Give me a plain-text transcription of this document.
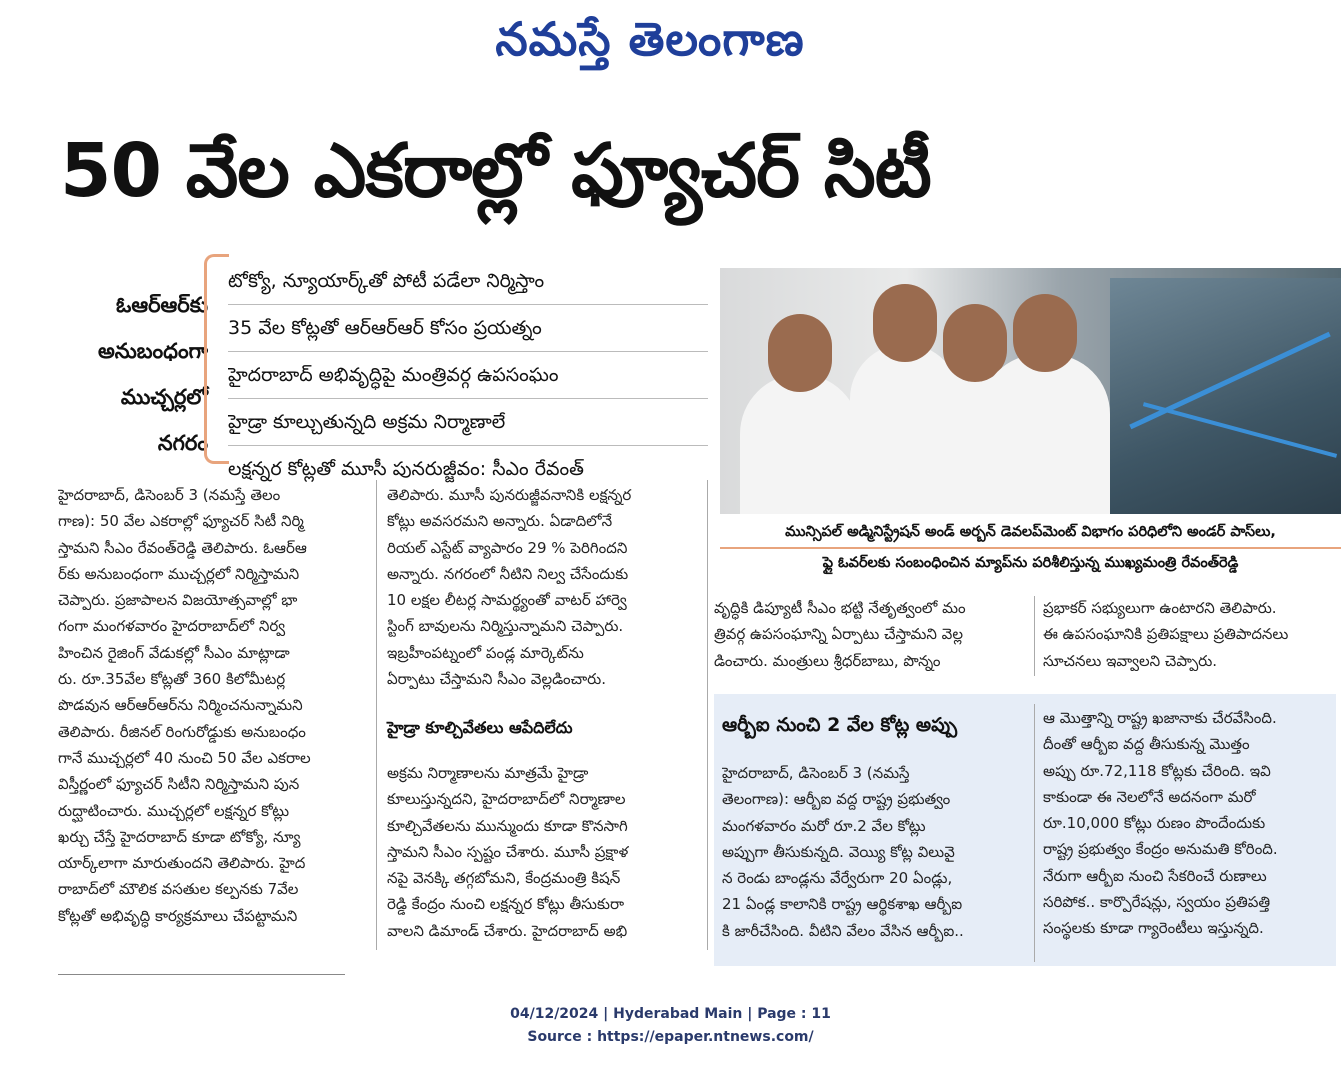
నమస్తే తెలంగాణ
50 వేల ఎకరాల్లో ఫ్యూచర్ సిటీ
ఓఆర్ఆర్‌కు
అనుబంధంగా
ముచ్చర్లలో
నగరం
టోక్యో, న్యూయార్క్‌తో పోటీ పడేలా నిర్మిస్తాం
35 వేల కోట్లతో ఆర్ఆర్ఆర్ కోసం ప్రయత్నం
హైదరాబాద్ అభివృద్ధిపై మంత్రివర్గ ఉపసంఘం
హైడ్రా కూల్చుతున్నది అక్రమ నిర్మాణాలే
లక్షన్నర కోట్లతో మూసీ పునరుజ్జీవం: సీఎం రేవంత్
మున్సిపల్ అడ్మినిస్ట్రేషన్ అండ్ అర్బన్ డెవలప్‌మెంట్ విభాగం పరిధిలోని అండర్ పాస్‌లు,
ఫ్లై ఓవర్‌లకు సంబంధించిన మ్యాప్‌ను పరిశీలిస్తున్న ముఖ్యమంత్రి రేవంత్‌రెడ్డి
హైదరాబాద్, డిసెంబర్ 3 (నమస్తే తెలం
గాణ): 50 వేల ఎకరాల్లో ఫ్యూచర్ సిటీ నిర్మి
స్తామని సీఎం రేవంత్‌రెడ్డి తెలిపారు. ఓఆర్ఆ
ర్‌కు అనుబంధంగా ముచ్చర్లలో నిర్మిస్తామని
చెప్పారు. ప్రజాపాలన విజయోత్సవాల్లో భా
గంగా మంగళవారం హైదరాబాద్‌లో నిర్వ
హించిన రైజింగ్ వేడుకల్లో సీఎం మాట్లాడా
రు. రూ.35వేల కోట్లతో 360 కిలోమీటర్ల
పొడవున ఆర్ఆర్ఆర్‌ను నిర్మించనున్నామని
తెలిపారు. రీజినల్ రింగురోడ్డుకు అనుబంధం
గానే ముచ్చర్లలో 40 నుంచి 50 వేల ఎకరాల
విస్తీర్ణంలో ఫ్యూచర్ సిటీని నిర్మిస్తామని పున
రుద్ఘాటించారు. ముచ్చర్లలో లక్షన్నర కోట్లు
ఖర్చు చేస్తే హైదరాబాద్ కూడా టోక్యో, న్యూ
యార్క్‌లాగా మారుతుందని తెలిపారు. హైద
రాబాద్‌లో మౌలిక వసతుల కల్పనకు 7వేల
కోట్లతో అభివృద్ధి కార్యక్రమాలు చేపట్టామని
తెలిపారు. మూసీ పునరుజ్జీవనానికి లక్షన్నర
కోట్లు అవసరమని అన్నారు. ఏడాదిలోనే
రియల్ ఎస్టేట్ వ్యాపారం 29 % పెరిగిందని
అన్నారు. నగరంలో నీటిని నిల్వ చేసేందుకు
10 లక్షల లీటర్ల సామర్థ్యంతో వాటర్ హార్వె
స్టింగ్ బావులను నిర్మిస్తున్నామని చెప్పారు.
ఇబ్రహీంపట్నంలో పండ్ల మార్కెట్‌ను
ఏర్పాటు చేస్తామని సీఎం వెల్లడించారు.
హైడ్రా కూల్చివేతలు ఆపేదిలేదు
అక్రమ నిర్మాణాలను మాత్రమే హైడ్రా
కూలుస్తున్నదని, హైదరాబాద్‌లో నిర్మాణాల
కూల్చివేతలను మున్ముందు కూడా కొనసాగి
స్తామని సీఎం స్పష్టం చేశారు. మూసీ ప్రక్షాళ
నపై వెనక్కి తగ్గబోమని, కేంద్రమంత్రి కిషన్
రెడ్డి కేంద్రం నుంచి లక్షన్నర కోట్లు తీసుకురా
వాలని డిమాండ్ చేశారు. హైదరాబాద్ అభి
వృద్ధికి డిప్యూటీ సీఎం భట్టి నేతృత్వంలో మం
త్రివర్గ ఉపసంఘాన్ని ఏర్పాటు చేస్తామని వెల్ల
డించారు. మంత్రులు శ్రీధర్‌బాబు, పొన్నం
ప్రభాకర్ సభ్యులుగా ఉంటారని తెలిపారు.
ఈ ఉపసంఘానికి ప్రతిపక్షాలు ప్రతిపాదనలు
సూచనలు ఇవ్వాలని చెప్పారు.
ఆర్బీఐ నుంచి 2 వేల కోట్ల అప్పు
హైదరాబాద్, డిసెంబర్ 3 (నమస్తే
తెలంగాణ): ఆర్బీఐ వద్ద రాష్ట్ర ప్రభుత్వం
మంగళవారం మరో రూ.2 వేల కోట్లు
అప్పుగా తీసుకున్నది. వెయ్యి కోట్ల విలువై
న రెండు బాండ్లను వేర్వేరుగా 20 ఏండ్లు,
21 ఏండ్ల కాలానికి రాష్ట్ర ఆర్థికశాఖ ఆర్బీఐ
కి జారీచేసింది. వీటిని వేలం వేసిన ఆర్బీఐ..
ఆ మొత్తాన్ని రాష్ట్ర ఖజానాకు చేరవేసింది.
దీంతో ఆర్బీఐ వద్ద తీసుకున్న మొత్తం
అప్పు రూ.72,118 కోట్లకు చేరింది. ఇవి
కాకుండా ఈ నెలలోనే అదనంగా మరో
రూ.10,000 కోట్లు రుణం పొందేందుకు
రాష్ట్ర ప్రభుత్వం కేంద్రం అనుమతి కోరింది.
నేరుగా ఆర్బీఐ నుంచి సేకరించే రుణాలు
సరిపోక.. కార్పొరేషన్లు, స్వయం ప్రతిపత్తి
సంస్థలకు కూడా గ్యారెంటీలు ఇస్తున్నది.
04/12/2024 | Hyderabad Main | Page : 11
Source : https://epaper.ntnews.com/
